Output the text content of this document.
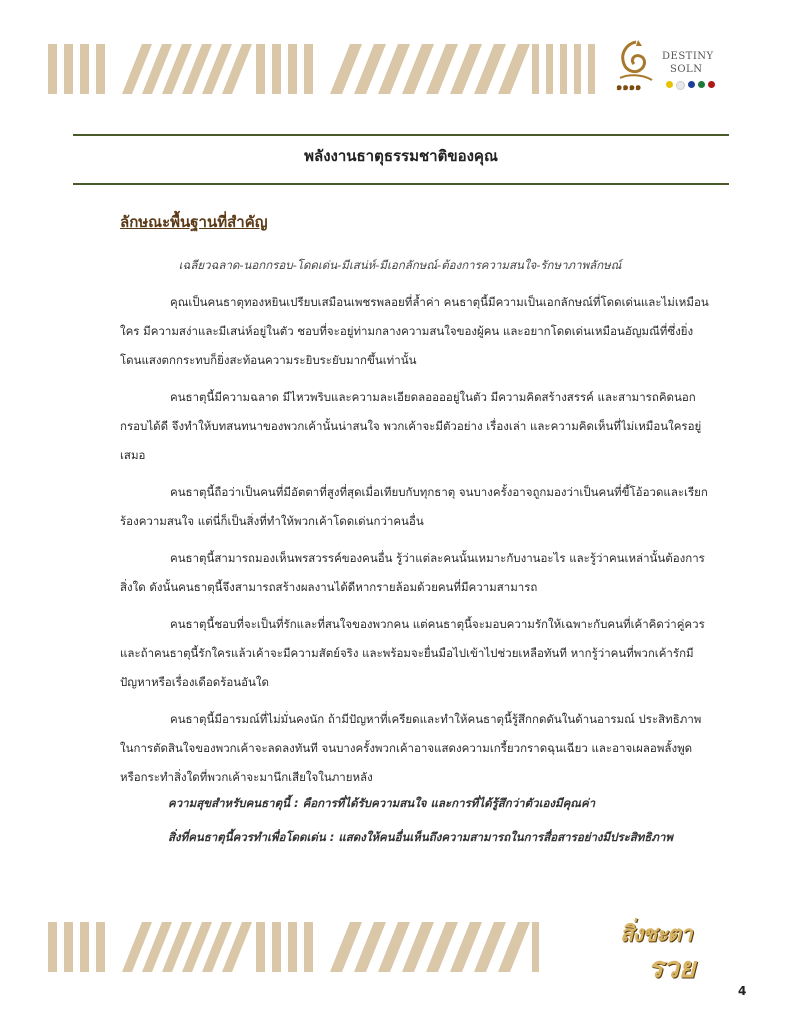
DESTINY
SOLN
๑๑๑๑
พลังงานธาตุธรรมชาติของคุณ
ลักษณะพื้นฐานที่สำคัญ
เฉลียวฉลาด-นอกกรอบ-โดดเด่น-มีเสน่ห์-มีเอกลักษณ์-ต้องการความสนใจ-รักษาภาพลักษณ์

คุณเป็นคนธาตุทองหยินเปรียบเสมือนเพชรพลอยที่ล้ำค่า คนธาตุนี้มีความเป็นเอกลักษณ์ที่โดดเด่นและไม่เหมือนใคร มีความสง่าและมีเสน่ห์อยู่ในตัว ชอบที่จะอยู่ท่ามกลางความสนใจของผู้คน และอยากโดดเด่นเหมือนอัญมณีที่ซึ่งยิ่งโดนแสงตกกระทบก็ยิ่งสะท้อนความระยิบระยับมากขึ้นเท่านั้น

คนธาตุนี้มีความฉลาด มีไหวพริบและความละเอียดลออออยู่ในตัว มีความคิดสร้างสรรค์ และสามารถคิดนอกกรอบได้ดี จึงทำให้บทสนทนาของพวกเค้านั้นน่าสนใจ พวกเค้าจะมีตัวอย่าง เรื่องเล่า และความคิดเห็นที่ไม่เหมือนใครอยู่เสมอ

คนธาตุนี้ถือว่าเป็นคนที่มีอัตตาที่สูงที่สุดเมื่อเทียบกับทุกธาตุ จนบางครั้งอาจถูกมองว่าเป็นคนที่ขี้โอ้อวดและเรียกร้องความสนใจ แต่นี่ก็เป็นสิ่งที่ทำให้พวกเค้าโดดเด่นกว่าคนอื่น

คนธาตุนี้สามารถมองเห็นพรสวรรค์ของคนอื่น รู้ว่าแต่ละคนนั้นเหมาะกับงานอะไร และรู้ว่าคนเหล่านั้นต้องการสิ่งใด ดังนั้นคนธาตุนี้จึงสามารถสร้างผลงานได้ดีหากรายล้อมด้วยคนที่มีความสามารถ

คนธาตุนี้ชอบที่จะเป็นที่รักและที่สนใจของพวกคน แต่คนธาตุนี้จะมอบความรักให้เฉพาะกับคนที่เค้าคิดว่าคู่ควร และถ้าคนธาตุนี้รักใครแล้วเค้าจะมีความสัตย์จริง และพร้อมจะยื่นมือไปเข้าไปช่วยเหลือทันที หากรู้ว่าคนที่พวกเค้ารักมีปัญหาหรือเรื่องเดือดร้อนอันใด

คนธาตุนี้มีอารมณ์ที่ไม่มั่นคงนัก ถ้ามีปัญหาที่เครียดและทำให้คนธาตุนี้รู้สึกกดดันในด้านอารมณ์ ประสิทธิภาพในการตัดสินใจของพวกเค้าจะลดลงทันที จนบางครั้งพวกเค้าอาจแสดงความเกรี้ยวกราดฉุนเฉียว และอาจเผลอพลั้งพูดหรือกระทำสิ่งใดที่พวกเค้าจะมานึกเสียใจในภายหลัง

ความสุขสำหรับคนธาตุนี้ : คือการที่ได้รับความสนใจ และการที่ได้รู้สึกว่าตัวเองมีคุณค่า
สิ่งที่คนธาตุนี้ควรทำเพื่อโดดเด่น : แสดงให้คนอื่นเห็นถึงความสามารถในการสื่อสารอย่างมีประสิทธิภาพ
สิ่งชะตา
รวย
4
